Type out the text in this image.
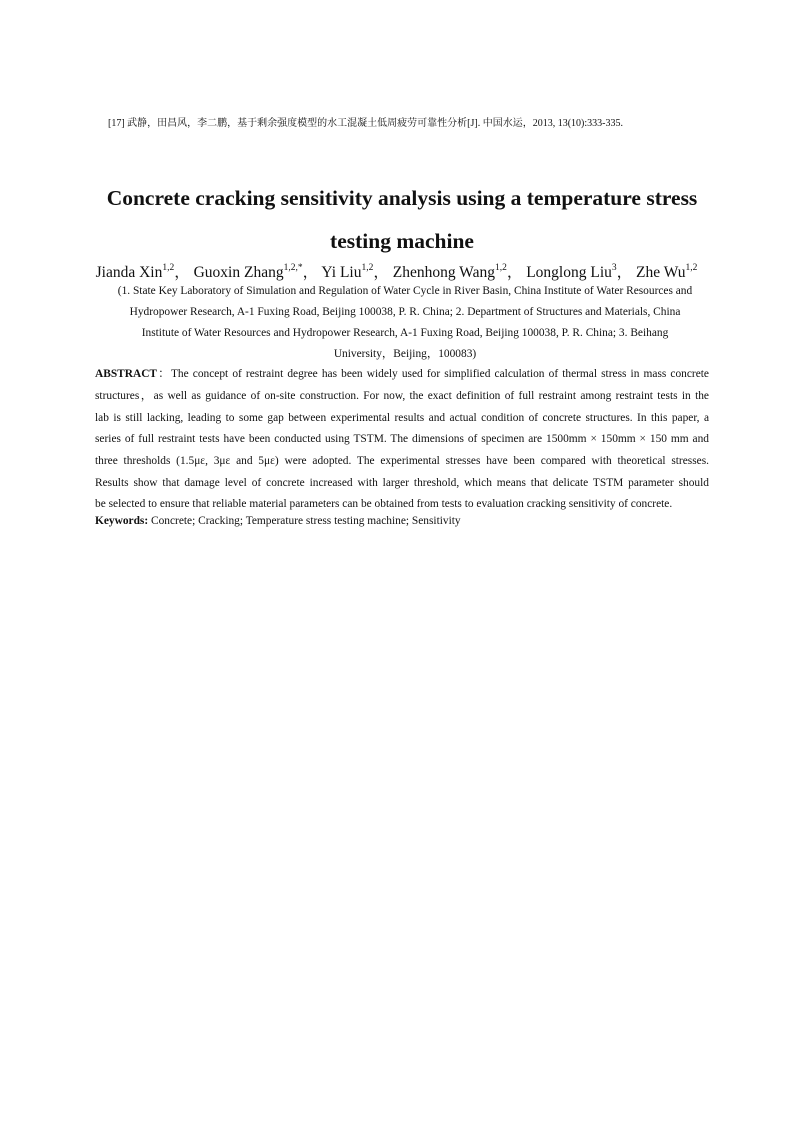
[17] 武静，田昌风，李二鹏，基于剩余强度模型的水工混凝土低周疲劳可靠性分析[J]. 中国水运，2013, 13(10):333-335.
Concrete cracking sensitivity analysis using a temperature stress
testing machine
Jianda Xin$^{1,2}$， Guoxin Zhang$^{1,2,*}$， Yi Liu$^{1,2}$， Zhenhong Wang$^{1,2}$， Longlong Liu$^3$， Zhe Wu$^{1,2}$
(1. State Key Laboratory of Simulation and Regulation of Water Cycle in River Basin, China Institute of Water Resources and
Hydropower Research, A-1 Fuxing Road, Beijing 100038, P. R. China; 2. Department of Structures and Materials, China
Institute of Water Resources and Hydropower Research, A-1 Fuxing Road, Beijing 100038, P. R. China; 3. Beihang
University，Beijing，100083)
ABSTRACT：The concept of restraint degree has been widely used for simplified calculation of thermal stress in mass concrete
structures，as well as guidance of on-site construction. For now, the exact definition of full restraint among restraint tests in the
lab is still lacking, leading to some gap between experimental results and actual condition of concrete structures. In this paper, a
series of full restraint tests have been conducted using TSTM. The dimensions of specimen are 1500mm × 150mm × 150 mm and
three thresholds (1.5με, 3με and 5με) were adopted. The experimental stresses have been compared with theoretical stresses.
Results show that damage level of concrete increased with larger threshold, which means that delicate TSTM parameter should
be selected to ensure that reliable material parameters can be obtained from tests to evaluation cracking sensitivity of concrete.
Keywords: Concrete; Cracking; Temperature stress testing machine; Sensitivity
